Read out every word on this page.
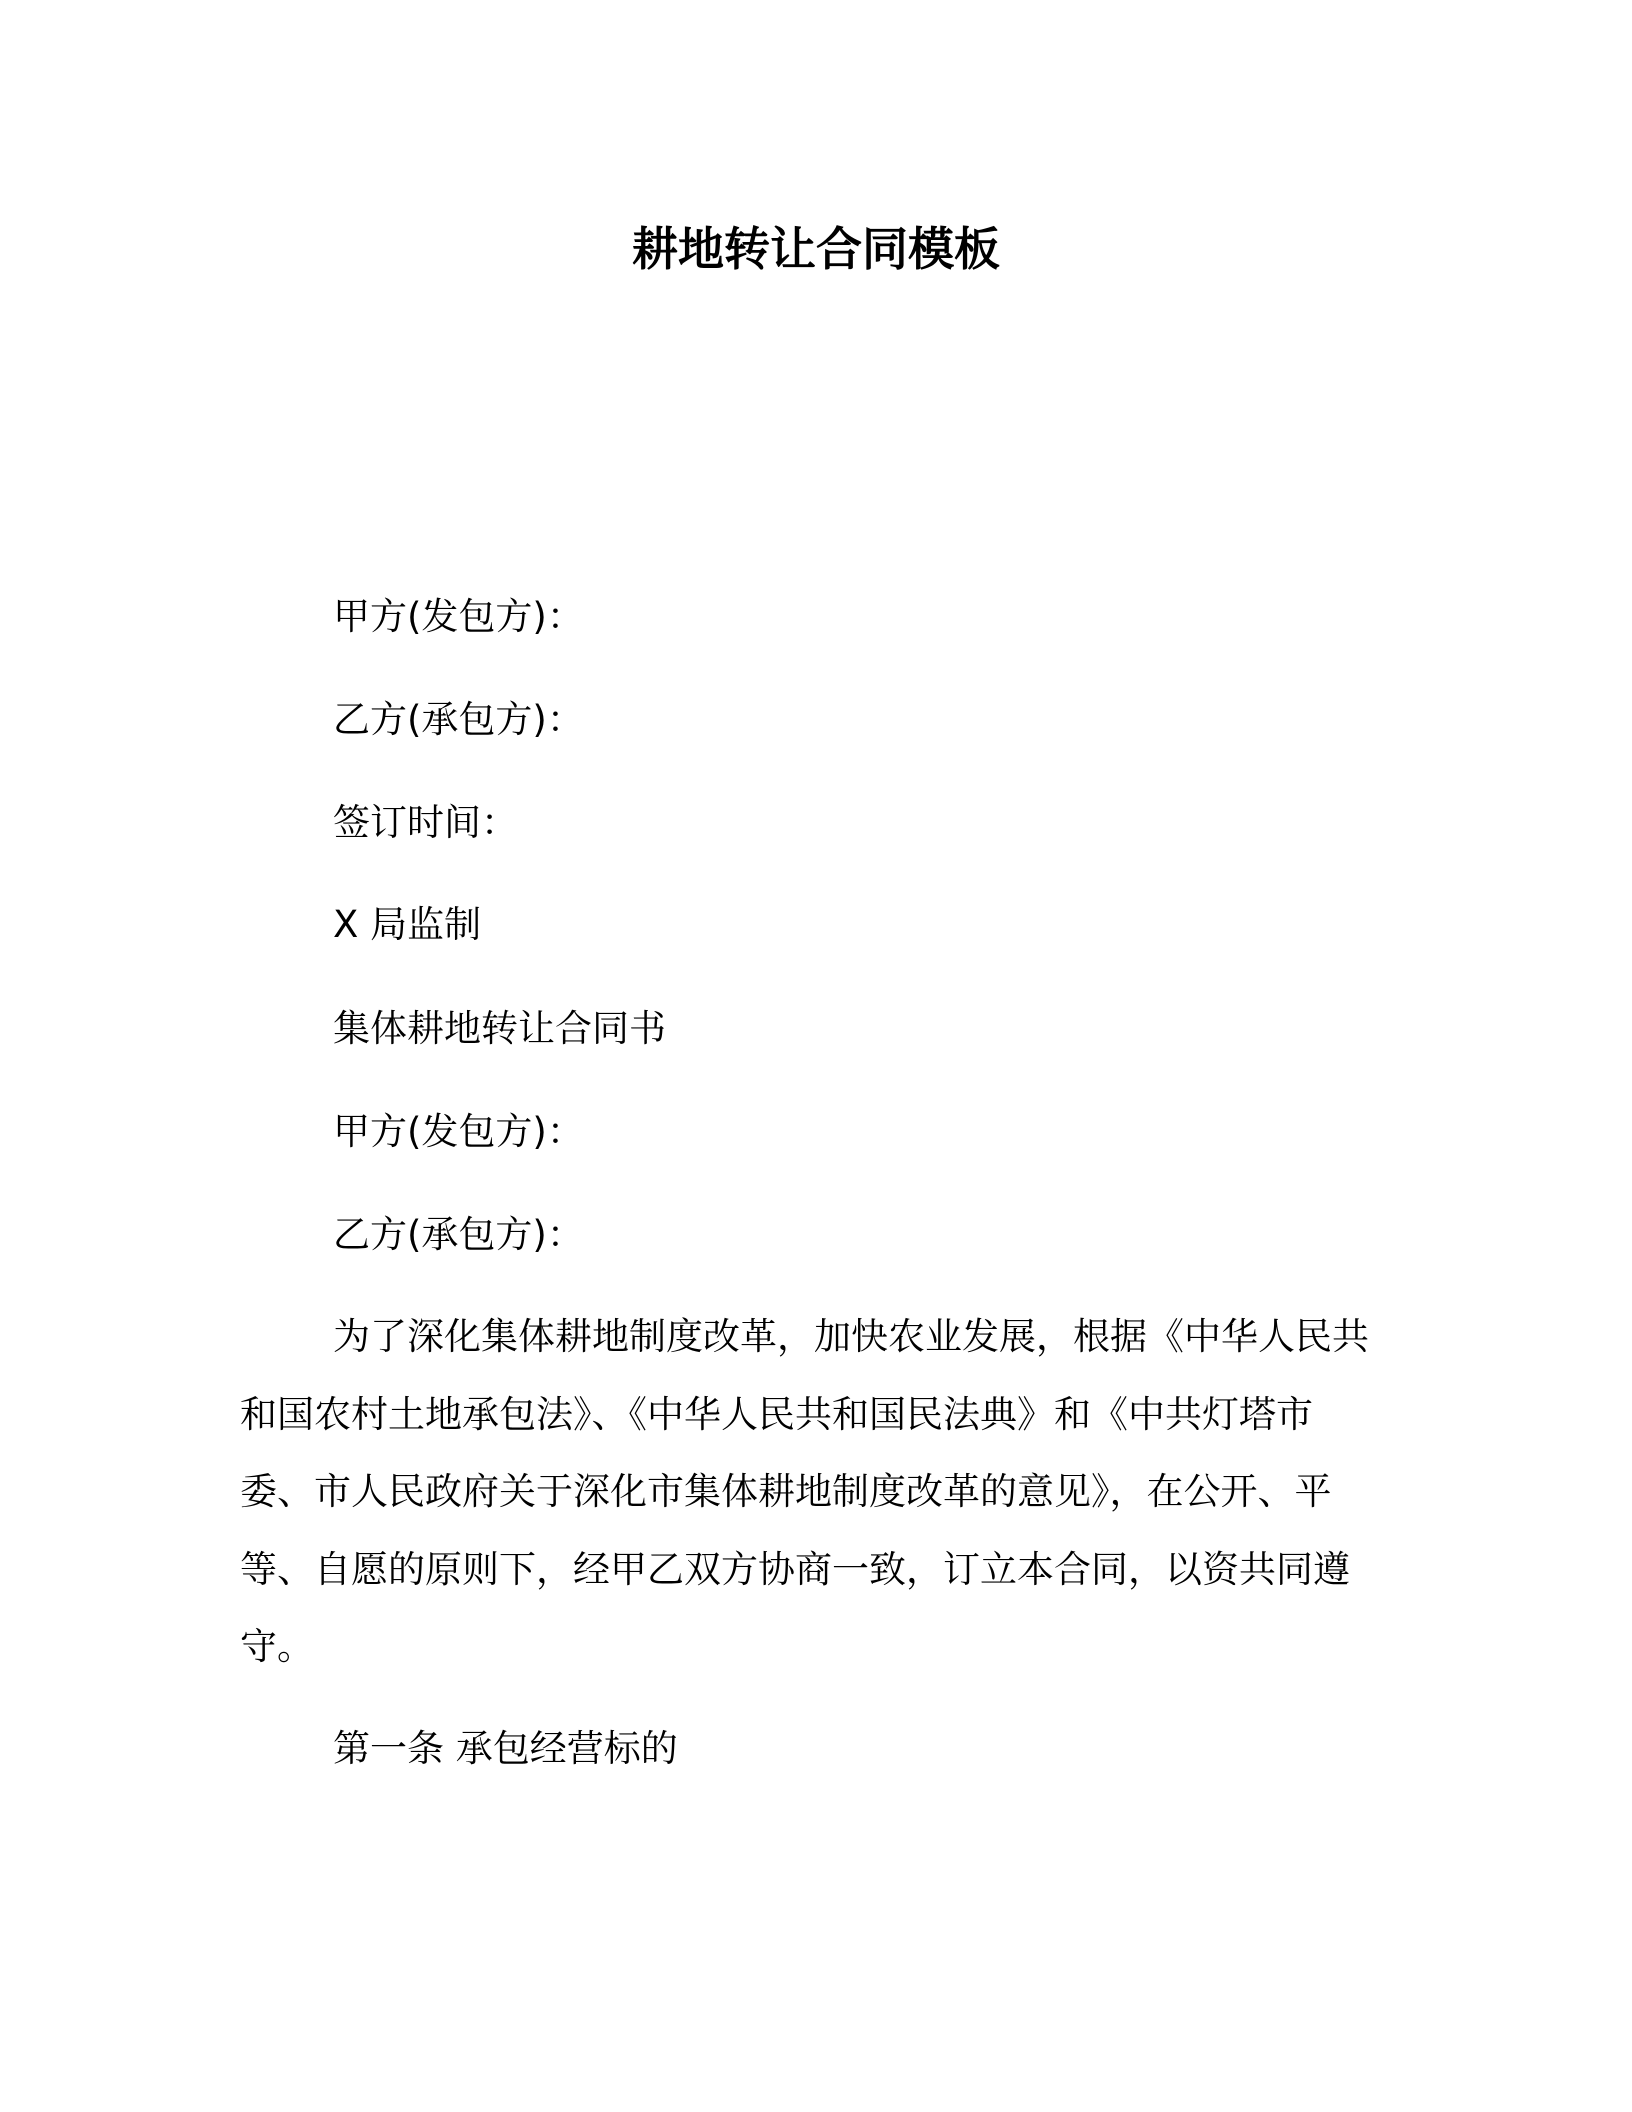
耕地转让合同模板
甲方(发包方)：
乙方(承包方)：
签订时间：
X 局监制
集体耕地转让合同书
甲方(发包方)：
乙方(承包方)：
为了深化集体耕地制度改革，加快农业发展，根据《中华人民共
和国农村土地承包法》、《中华人民共和国民法典》和《中共灯塔市
委、市人民政府关于深化市集体耕地制度改革的意见》，在公开、平
等、自愿的原则下，经甲乙双方协商一致，订立本合同，以资共同遵
守。
第一条 承包经营标的
